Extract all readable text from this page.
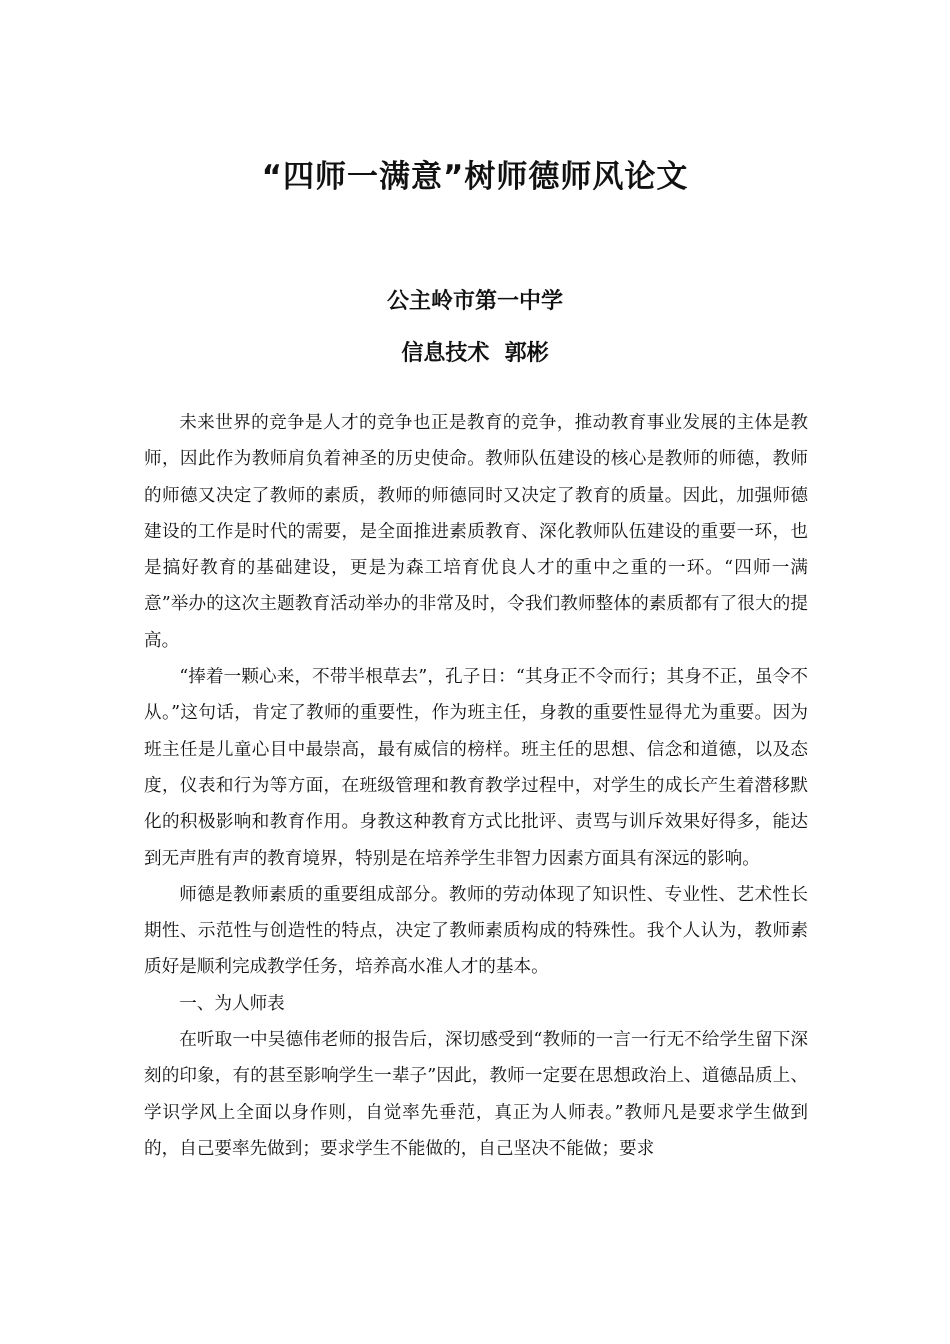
“四师一满意”树师德师风论文
公主岭市第一中学
信息技术  郭彬

未来世界的竞争是人才的竞争也正是教育的竞争，推动教育事业发展的主体是教师，因此作为教师肩负着神圣的历史使命。教师队伍建设的核心是教师的师德，教师的师德又决定了教师的素质，教师的师德同时又决定了教育的质量。因此，加强师德建设的工作是时代的需要，是全面推进素质教育、深化教师队伍建设的重要一环，也是搞好教育的基础建设，更是为森工培育优良人才的重中之重的一环。“四师一满意”举办的这次主题教育活动举办的非常及时，令我们教师整体的素质都有了很大的提高。

“捧着一颗心来，不带半根草去”，孔子日：“其身正不令而行；其身不正，虽令不从。”这句话，肯定了教师的重要性，作为班主任，身教的重要性显得尤为重要。因为班主任是儿童心目中最崇高，最有威信的榜样。班主任的思想、信念和道德，以及态度，仪表和行为等方面，在班级管理和教育教学过程中，对学生的成长产生着潜移默化的积极影响和教育作用。身教这种教育方式比批评、责骂与训斥效果好得多，能达到无声胜有声的教育境界，特别是在培养学生非智力因素方面具有深远的影响。

师德是教师素质的重要组成部分。教师的劳动体现了知识性、专业性、艺术性长期性、示范性与创造性的特点，决定了教师素质构成的特殊性。我个人认为，教师素质好是顺利完成教学任务，培养高水准人才的基本。

一、为人师表

在听取一中吴德伟老师的报告后，深切感受到“教师的一言一行无不给学生留下深刻的印象，有的甚至影响学生一辈子”因此，教师一定要在思想政治上、道德品质上、学识学风上全面以身作则，自觉率先垂范，真正为人师表。”教师凡是要求学生做到的，自己要率先做到；要求学生不能做的，自己坚决不能做；要求
